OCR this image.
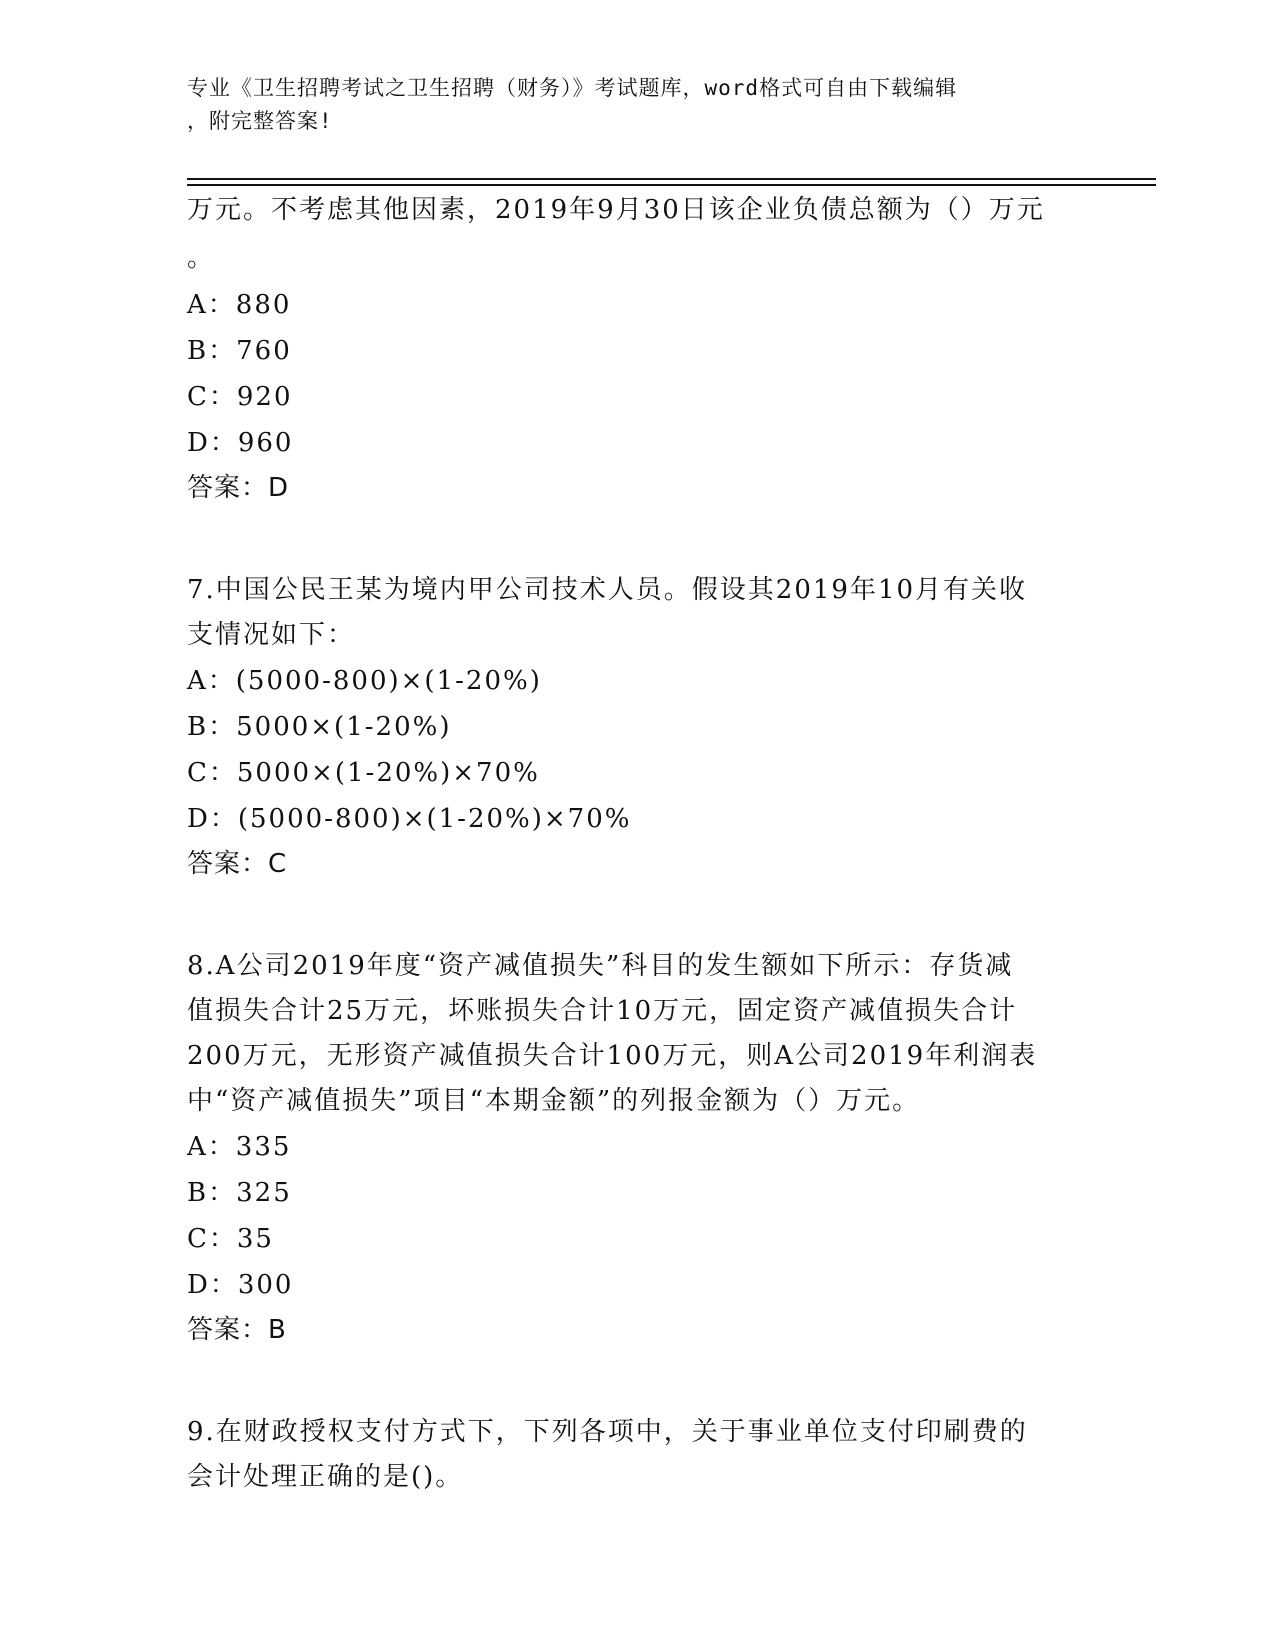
专业《卫生招聘考试之卫生招聘（财务）》考试题库，word格式可自由下载编辑
，附完整答案!
万元。不考虑其他因素，2019年9月30日该企业负债总额为（）万元
。
A：880
B：760
C：920
D：960
答案：D
7.中国公民王某为境内甲公司技术人员。假设其2019年10月有关收
支情况如下：
A：(5000-800)×(1-20%)
B：5000×(1-20%)
C：5000×(1-20%)×70%
D：(5000-800)×(1-20%)×70%
答案：C
8.A公司2019年度“资产减值损失”科目的发生额如下所示：存货减
值损失合计25万元，坏账损失合计10万元，固定资产减值损失合计
200万元，无形资产减值损失合计100万元，则A公司2019年利润表
中“资产减值损失”项目“本期金额”的列报金额为（）万元。
A：335
B：325
C：35
D：300
答案：B
9.在财政授权支付方式下，下列各项中，关于事业单位支付印刷费的
会计处理正确的是()。
